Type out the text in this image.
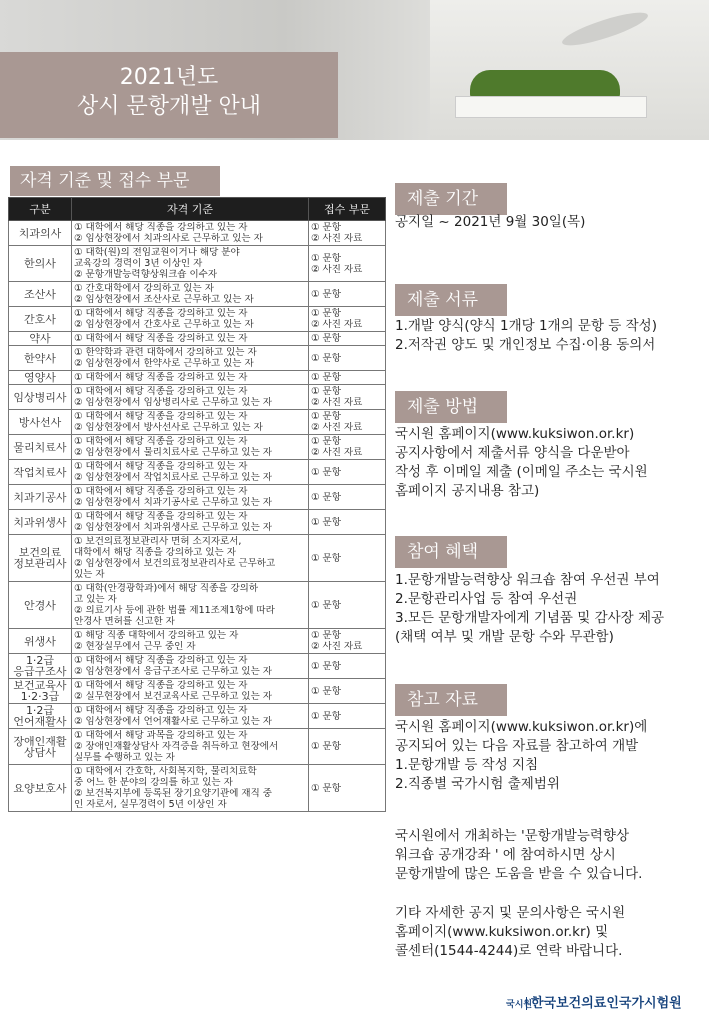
2021년도
상시 문항개발 안내
자격 기준 및 접수 부문
구분	자격 기준	접수 부문

치과의사	① 대학에서 해당 직종을 강의하고 있는 자
② 임상현장에서 치과의사로 근무하고 있는 자	① 문항
② 사진 자료

한의사	① 대학(원)의 전임교원이거나 해당 분야
교육강의 경력이 3년 이상인 자
② 문항개발능력향상워크숍 이수자	① 문항
② 사진 자료

조산사	① 간호대학에서 강의하고 있는 자
② 임상현장에서 조산사로 근무하고 있는 자	① 문항

간호사	① 대학에서 해당 직종을 강의하고 있는 자
② 임상현장에서 간호사로 근무하고 있는 자	① 문항
② 사진 자료

약사	① 대학에서 해당 직종을 강의하고 있는 자	① 문항

한약사	① 한약학과 관련 대학에서 강의하고 있는 자
② 임상현장에서 한약사로 근무하고 있는 자	① 문항

영양사	① 대학에서 해당 직종을 강의하고 있는 자	① 문항

임상병리사	① 대학에서 해당 직종을 강의하고 있는 자
② 임상현장에서 임상병리사로 근무하고 있는 자	① 문항
② 사진 자료

방사선사	① 대학에서 해당 직종을 강의하고 있는 자
② 임상현장에서 방사선사로 근무하고 있는 자	① 문항
② 사진 자료

물리치료사	① 대학에서 해당 직종을 강의하고 있는 자
② 임상현장에서 물리치료사로 근무하고 있는 자	① 문항
② 사진 자료

작업치료사	① 대학에서 해당 직종을 강의하고 있는 자
② 임상현장에서 작업치료사로 근무하고 있는 자	① 문항

치과기공사	① 대학에서 해당 직종을 강의하고 있는 자
② 임상현장에서 치과기공사로 근무하고 있는 자	① 문항

치과위생사	① 대학에서 해당 직종을 강의하고 있는 자
② 임상현장에서 치과위생사로 근무하고 있는 자	① 문항

보건의료
정보관리사	① 보건의료정보관리사 면허 소지자로서,
대학에서 해당 직종을 강의하고 있는 자
② 임상현장에서 보건의료정보관리사로 근무하고
있는 자	① 문항

안경사	① 대학(안경광학과)에서 해당 직종을 강의하
고 있는 자
② 의료기사 등에 관한 법률 제11조제1항에 따라
안경사 면허를 신고한 자	① 문항

위생사	① 해당 직종 대학에서 강의하고 있는 자
② 현장실무에서 근무 중인 자	① 문항
② 사진 자료

1·2급
응급구조사	① 대학에서 해당 직종을 강의하고 있는 자
② 임상현장에서 응급구조사로 근무하고 있는 자	① 문항

보건교육사
1·2·3급	① 대학에서 해당 직종을 강의하고 있는 자
② 실무현장에서 보건교육사로 근무하고 있는 자	① 문항

1·2급
언어재활사	① 대학에서 해당 직종을 강의하고 있는 자
② 임상현장에서 언어재활사로 근무하고 있는 자	① 문항

장애인재활
상담사	① 대학에서 해당 과목을 강의하고 있는 자
② 장애인재활상담사 자격증을 취득하고 현장에서
실무를 수행하고 있는 자	① 문항

요양보호사	① 대학에서 간호학, 사회복지학, 물리치료학
중 어느 한 분야의 강의를 하고 있는 자
② 보건복지부에 등록된 장기요양기관에 재직 중
인 자로서, 실무경력이 5년 이상인 자	① 문항
제출 기간
공지일 ~ 2021년 9월 30일(목)
제출 서류
1.개발 양식(양식 1개당 1개의 문항 등 작성)
2.저작권 양도 및 개인정보 수집·이용 동의서
제출 방법
국시원 홈페이지(www.kuksiwon.or.kr)
공지사항에서 제출서류 양식을 다운받아
작성 후 이메일 제출 (이메일 주소는 국시원
홈페이지 공지내용 참고)
참여 혜택
1.문항개발능력향상 워크숍 참여 우선권 부여
2.문항관리사업 등 참여 우선권
3.모든 문항개발자에게 기념품 및 감사장 제공
(채택 여부 및 개발 문항 수와 무관함)
참고 자료
국시원 홈페이지(www.kuksiwon.or.kr)에
공지되어 있는 다음 자료를 참고하여 개발
1.문항개발 등 작성 지침
2.직종별 국가시험 출제범위
국시원에서 개최하는 '문항개발능력향상
워크숍 공개강좌 ' 에 참여하시면 상시
문항개발에 많은 도움을 받을 수 있습니다.
기타 자세한 공지 및 문의사항은 국시원
홈페이지(www.kuksiwon.or.kr) 및
콜센터(1544-4244)로 연락 바랍니다.
국시원한국보건의료인국가시험원
